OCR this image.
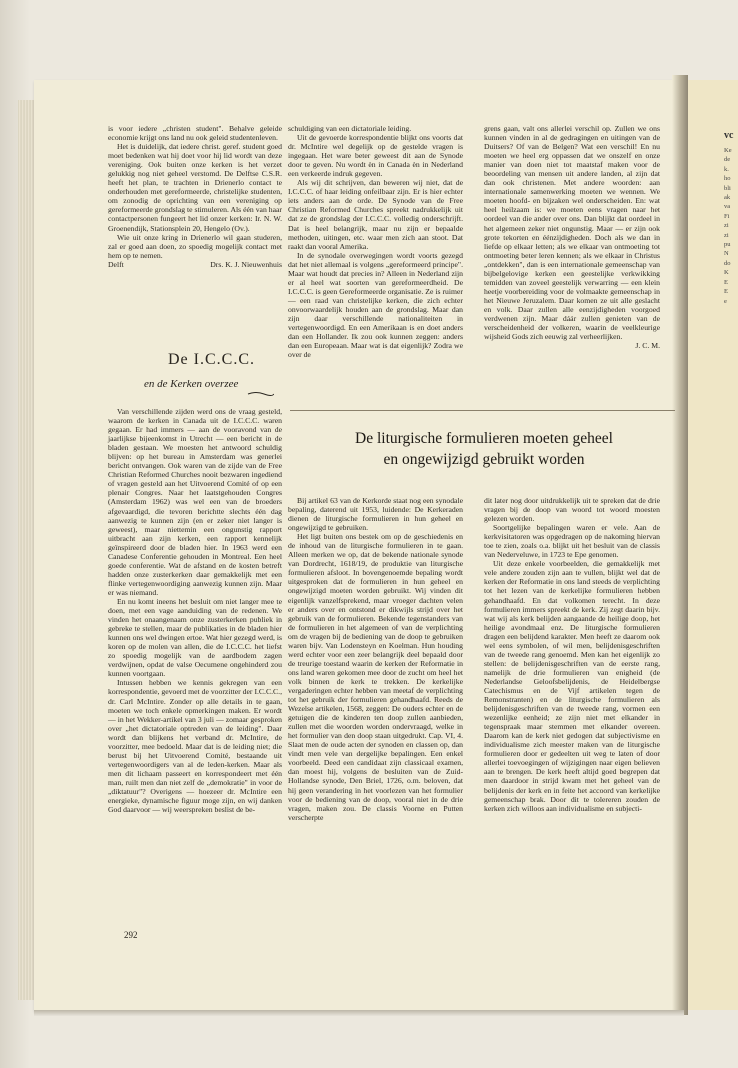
vc
Ke
de
k.
ho
bli
ak
va
Fi
zi
zi
pu
N
do
K
E
E
e

is voor iedere „christen student". Behalve geleide economie krijgt ons land nu ook geleid studentenleven.

Het is duidelijk, dat iedere christ. geref. student goed moet bedenken wat hij doet voor hij lid wordt van deze vereniging. Ook buiten onze kerken is het verzet gelukkig nog niet geheel verstomd. De Delftse C.S.R. heeft het plan, te trachten in Drienerlo contact te onderhouden met gereformeerde, christelijke studenten, om zonodig de oprichting van een vereniging op gereformeerde grondslag te stimuleren. Als één van haar contactpersonen fungeert het lid onzer kerken: Ir. N. W. Groenendijk, Stationsplein 20, Hengelo (Ov.).

Wie uit onze kring in Drienerlo wil gaan studeren, zal er goed aan doen, zo spoedig mogelijk contact met hem op te nemen.

Delft	Drs. K. J. Nieuwenhuis
De I.C.C.C.
en de Kerken overzee

Van verschillende zijden werd ons de vraag gesteld, waarom de kerken in Canada uit de I.C.C.C. waren gegaan. Er had immers — aan de vooravond van de jaarlijkse bijeenkomst in Utrecht — een bericht in de bladen gestaan. We moesten het antwoord schuldig blijven: op het bureau in Amsterdam was generlei bericht ontvangen. Ook waren van de zijde van de Free Christian Reformed Churches nooit bezwaren ingediend of vragen gesteld aan het Uitvoerend Comité of op een plenair Congres. Naar het laatstgehouden Congres (Amsterdam 1962) was wel een van de broeders afgevaardigd, die tevoren berichtte slechts één dag aanwezig te kunnen zijn (en er zeker niet langer is geweest), maar niettemin een ongunstig rapport uitbracht aan zijn kerken, een rapport kennelijk geïnspireerd door de bladen hier. In 1963 werd een Canadese Conferentie gehouden in Montreal. Een heel goede conferentie. Wat de afstand en de kosten betreft hadden onze zusterkerken daar gemakkelijk met een flinke vertegenwoordiging aanwezig kunnen zijn. Maar er was niemand.

En nu komt ineens het besluit om niet langer mee te doen, met een vage aanduiding van de redenen. We vinden het onaangenaam onze zusterkerken publiek in gebreke te stellen, maar de publikaties in de bladen hier kunnen ons wel dwingen ertoe. Wat hier gezegd werd, is koren op de molen van allen, die de I.C.C.C. het liefst zo spoedig mogelijk van de aardbodem zagen verdwijnen, opdat de valse Oecumene ongehinderd zou kunnen voortgaan.

Intussen hebben we kennis gekregen van een korrespondentie, gevoerd met de voorzitter der I.C.C.C., dr. Carl McIntire. Zonder op alle details in te gaan, moeten we toch enkele opmerkingen maken. Er wordt — in het Wekker-artikel van 3 juli — zomaar gesproken over „het dictatoriale optreden van de leiding". Daar wordt dan blijkens het verband dr. McIntire, de voorzitter, mee bedoeld. Maar dat is de leiding niet; die berust bij het Uitvoerend Comité, bestaande uit vertegenwoordigers van al de leden-kerken. Maar als men dit lichaam passeert en korrespondeert met één man, ruilt men dan niet zelf de „demokratie" in voor de „diktatuur"? Overigens — hoezeer dr. McIntire een energieke, dynamische figuur moge zijn, en wij danken God daarvoor — wij weerspreken beslist de be-

schuldiging van een dictatoriale leiding.

Uit de gevoerde korrespondentie blijkt ons voorts dat dr. McIntire wel degelijk op de gestelde vragen is ingegaan. Het ware beter geweest dit aan de Synode door te geven. Nu wordt èn in Canada èn in Nederland een verkeerde indruk gegeven.

Als wij dit schrijven, dan beweren wij niet, dat de I.C.C.C. of haar leiding onfeilbaar zijn. Er is hier echter iets anders aan de orde. De Synode van de Free Christian Reformed Churches spreekt nadrukkelijk uit dat ze de grondslag der I.C.C.C. volledig onderschrijft. Dat is heel belangrijk, maar nu zijn er bepaalde methoden, uitingen, etc. waar men zich aan stoot. Dat raakt dan vooral Amerika.

In de synodale overwegingen wordt voorts gezegd dat het niet allemaal is volgens „gereformeerd principe". Maar wat houdt dat precies in? Alleen in Nederland zijn er al heel wat soorten van gereformeerdheid. De I.C.C.C. is geen Gereformeerde organisatie. Ze is ruimer — een raad van christelijke kerken, die zich echter onvoorwaardelijk houden aan de grondslag. Maar dan zijn daar verschillende nationaliteiten in vertegenwoordigd. En een Amerikaan is en doet anders dan een Hollander. Ik zou ook kunnen zeggen: anders dan een Europeaan. Maar wat is dat eigenlijk? Zodra we over de

grens gaan, valt ons allerlei verschil op. Zullen we ons kunnen vinden in al de gedragingen en uitingen van de Duitsers? Of van de Belgen? Wat een verschil! En nu moeten we heel erg oppassen dat we onszelf en onze manier van doen niet tot maatstaf maken voor de beoordeling van mensen uit andere landen, al zijn dat dan ook christenen. Met andere woorden: aan internationale samenwerking moeten we wennen. We moeten hoofd- en bijzaken wel onderscheiden. En: wat heel heilzaam is: we moeten eens vragen naar het oordeel van die ander over ons. Dan blijkt dat oordeel in het algemeen zeker niet ongunstig. Maar — er zijn ook grote tekorten en éénzijdigheden. Doch als we dan in liefde op elkaar letten; als we elkaar van ontmoeting tot ontmoeting beter leren kennen; als we elkaar in Christus „ontdekken", dan is een internationale gemeenschap van bijbelgelovige kerken een geestelijke verkwikking temidden van zoveel geestelijk verwarring — een klein heetje voorbereiding voor de volmaakte gemeenschap in het Nieuwe Jeruzalem. Daar komen ze uit alle geslacht en volk. Daar zullen alle eenzijdigheden voorgoed verdwenen zijn. Maar dáár zullen genieten van de verscheidenheid der volkeren, waarin de veelkleurige wijsheid Gods zich eeuwig zal verheerlijken.

J. C. M.
De liturgische formulieren moeten geheel
en ongewijzigd gebruikt worden

Bij artikel 63 van de Kerkorde staat nog een synodale bepaling, daterend uit 1953, luidende: De Kerkeraden dienen de liturgische formulieren in hun geheel en ongewijzigd te gebruiken.

Het ligt buiten ons bestek om op de geschiedenis en de inhoud van de liturgische formulieren in te gaan. Alleen merken we op, dat de bekende nationale synode van Dordrecht, 1618/19, de produktie van liturgische formulieren afsloot. In bovengenoemde bepaling wordt uitgesproken dat de formulieren in hun geheel en ongewijzigd moeten worden gebruikt. Wij vinden dit eigenlijk vanzelfsprekend, maar vroeger dachten velen er anders over en ontstond er dikwijls strijd over het gebruik van de formulieren. Bekende tegenstanders van de formulieren in het algemeen of van de verplichting om de vragen bij de bediening van de doop te gebruiken waren bijv. Van Lodensteyn en Koelman. Hun houding werd echter voor een zeer belangrijk deel bepaald door de treurige toestand waarin de kerken der Reformatie in ons land waren gekomen mee door de zucht om heel het volk binnen de kerk te trekken. De kerkelijke vergaderingen echter hebben van meetaf de verplichting tot het gebruik der formulieren gehandhaafd. Reeds de Wezelse artikelen, 1568, zeggen: De ouders echter en de getuigen die de kinderen ten doop zullen aanbieden, zullen met die woorden worden ondervraagd, welke in het formulier van den doop staan uitgedrukt. Cap. VI, 4. Slaat men de oude acten der synoden en classen op, dan vindt men vele van dergelijke bepalingen. Een enkel voorbeeld. Deed een candidaat zijn classicaal examen, dan moest hij, volgens de besluiten van de Zuid-Hollandse synode, Den Briel, 1726, o.m. beloven, dat hij geen verandering in het voorlezen van het formulier voor de bediening van de doop, vooral niet in de drie vragen, maken zou. De classis Voorne en Putten verscherpte

dit later nog door uitdrukkelijk uit te spreken dat de drie vragen bij de doop van woord tot woord moesten gelezen worden.

Soortgelijke bepalingen waren er vele. Aan de kerkvisitatoren was opgedragen op de nakoming hiervan toe te zien, zoals o.a. blijkt uit het besluit van de classis van Nederveluwe, in 1723 te Epe genomen.

Uit deze enkele voorbeelden, die gemakkelijk met vele andere zouden zijn aan te vullen, blijkt wel dat de kerken der Reformatie in ons land steeds de verplichting tot het lezen van de kerkelijke formulieren hebben gehandhaafd. En dat volkomen terecht. In deze formulieren immers spreekt de kerk. Zij zegt daarin bijv. wat wij als kerk belijden aangaande de heilige doop, het heilige avondmaal enz. De liturgische formulieren dragen een belijdend karakter. Men heeft ze daarom ook wel eens symbolen, of wil men, belijdenisgeschriften van de tweede rang genoemd. Men kan het eigenlijk zo stellen: de belijdenisgeschriften van de eerste rang, namelijk de drie formulieren van enigheid (de Nederlandse Geloofsbelijdenis, de Heidelbergse Catechismus en de Vijf artikelen tegen de Remonstranten) en de liturgische formulieren als belijdenisgeschriften van de tweede rang, vormen een wezenlijke eenheid; ze zijn niet met elkander in tegenspraak maar stemmen met elkander overeen. Daarom kan de kerk niet gedogen dat subjectivisme en individualisme zich meester maken van de liturgische formulieren door er gedeelten uit weg te laten of door allerlei toevoegingen of wijzigingen naar eigen believen aan te brengen. De kerk heeft altijd goed begrepen dat men daardoor in strijd kwam met het geheel van de belijdenis der kerk en in feite het accoord van kerkelijke gemeenschap brak. Door dit te tolereren zouden de kerken zich willoos aan individualisme en subjecti-

292
